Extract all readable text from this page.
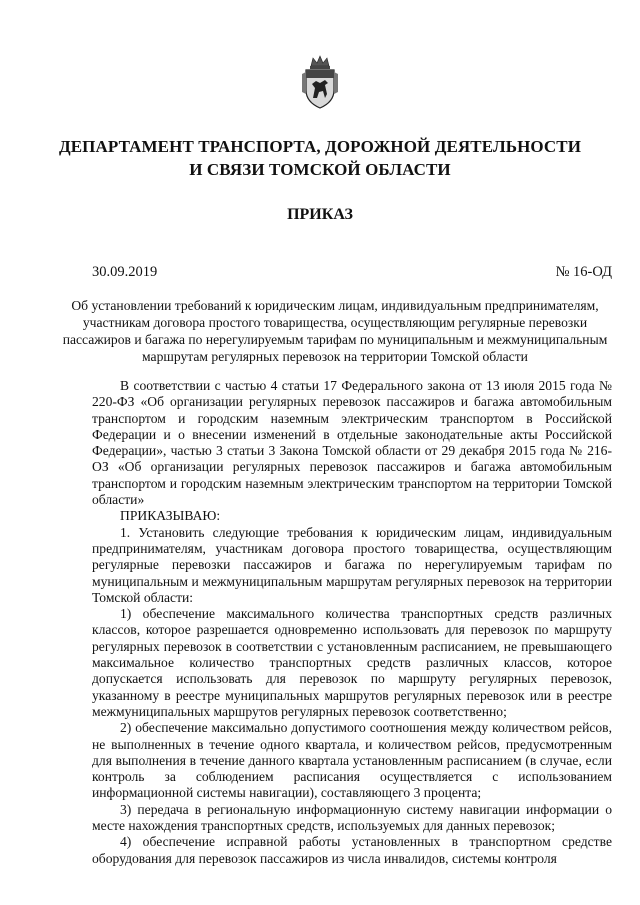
ДЕПАРТАМЕНТ ТРАНСПОРТА, ДОРОЖНОЙ ДЕЯТЕЛЬНОСТИ
И СВЯЗИ ТОМСКОЙ ОБЛАСТИ
ПРИКАЗ
30.09.2019	№ 16-ОД
Об установлении требований к юридическим лицам, индивидуальным предпринимателям, участникам договора простого товарищества, осуществляющим регулярные перевозки пассажиров и багажа по нерегулируемым тарифам по муниципальным и межмуниципальным маршрутам регулярных перевозок на территории Томской области

В соответствии с частью 4 статьи 17 Федерального закона от 13 июля 2015 года № 220-ФЗ «Об организации регулярных перевозок пассажиров и багажа автомобильным транспортом и городским наземным электрическим транспортом в Российской Федерации и о внесении изменений в отдельные законодательные акты Российской Федерации», частью 3 статьи 3 Закона Томской области от 29 декабря 2015 года № 216-ОЗ «Об организации регулярных перевозок пассажиров и багажа автомобильным транспортом и городским наземным электрическим транспортом на территории Томской области»

ПРИКАЗЫВАЮ:

1. Установить следующие требования к юридическим лицам, индивидуальным предпринимателям, участникам договора простого товарищества, осуществляющим регулярные перевозки пассажиров и багажа по нерегулируемым тарифам по муниципальным и межмуниципальным маршрутам регулярных перевозок на территории Томской области:

1) обеспечение максимального количества транспортных средств различных классов, которое разрешается одновременно использовать для перевозок по маршруту регулярных перевозок в соответствии с установленным расписанием, не превышающего максимальное количество транспортных средств различных классов, которое допускается использовать для перевозок по маршруту регулярных перевозок, указанному в реестре муниципальных маршрутов регулярных перевозок или в реестре межмуниципальных маршрутов регулярных перевозок соответственно;

2) обеспечение максимально допустимого соотношения между количеством рейсов, не выполненных в течение одного квартала, и количеством рейсов, предусмотренным для выполнения в течение данного квартала установленным расписанием (в случае, если контроль за соблюдением расписания осуществляется с использованием информационной системы навигации), составляющего 3 процента;

3) передача в региональную информационную систему навигации информации о месте нахождения транспортных средств, используемых для данных перевозок;

4) обеспечение исправной работы установленных в транспортном средстве оборудования для перевозок пассажиров из числа инвалидов, системы контроля
